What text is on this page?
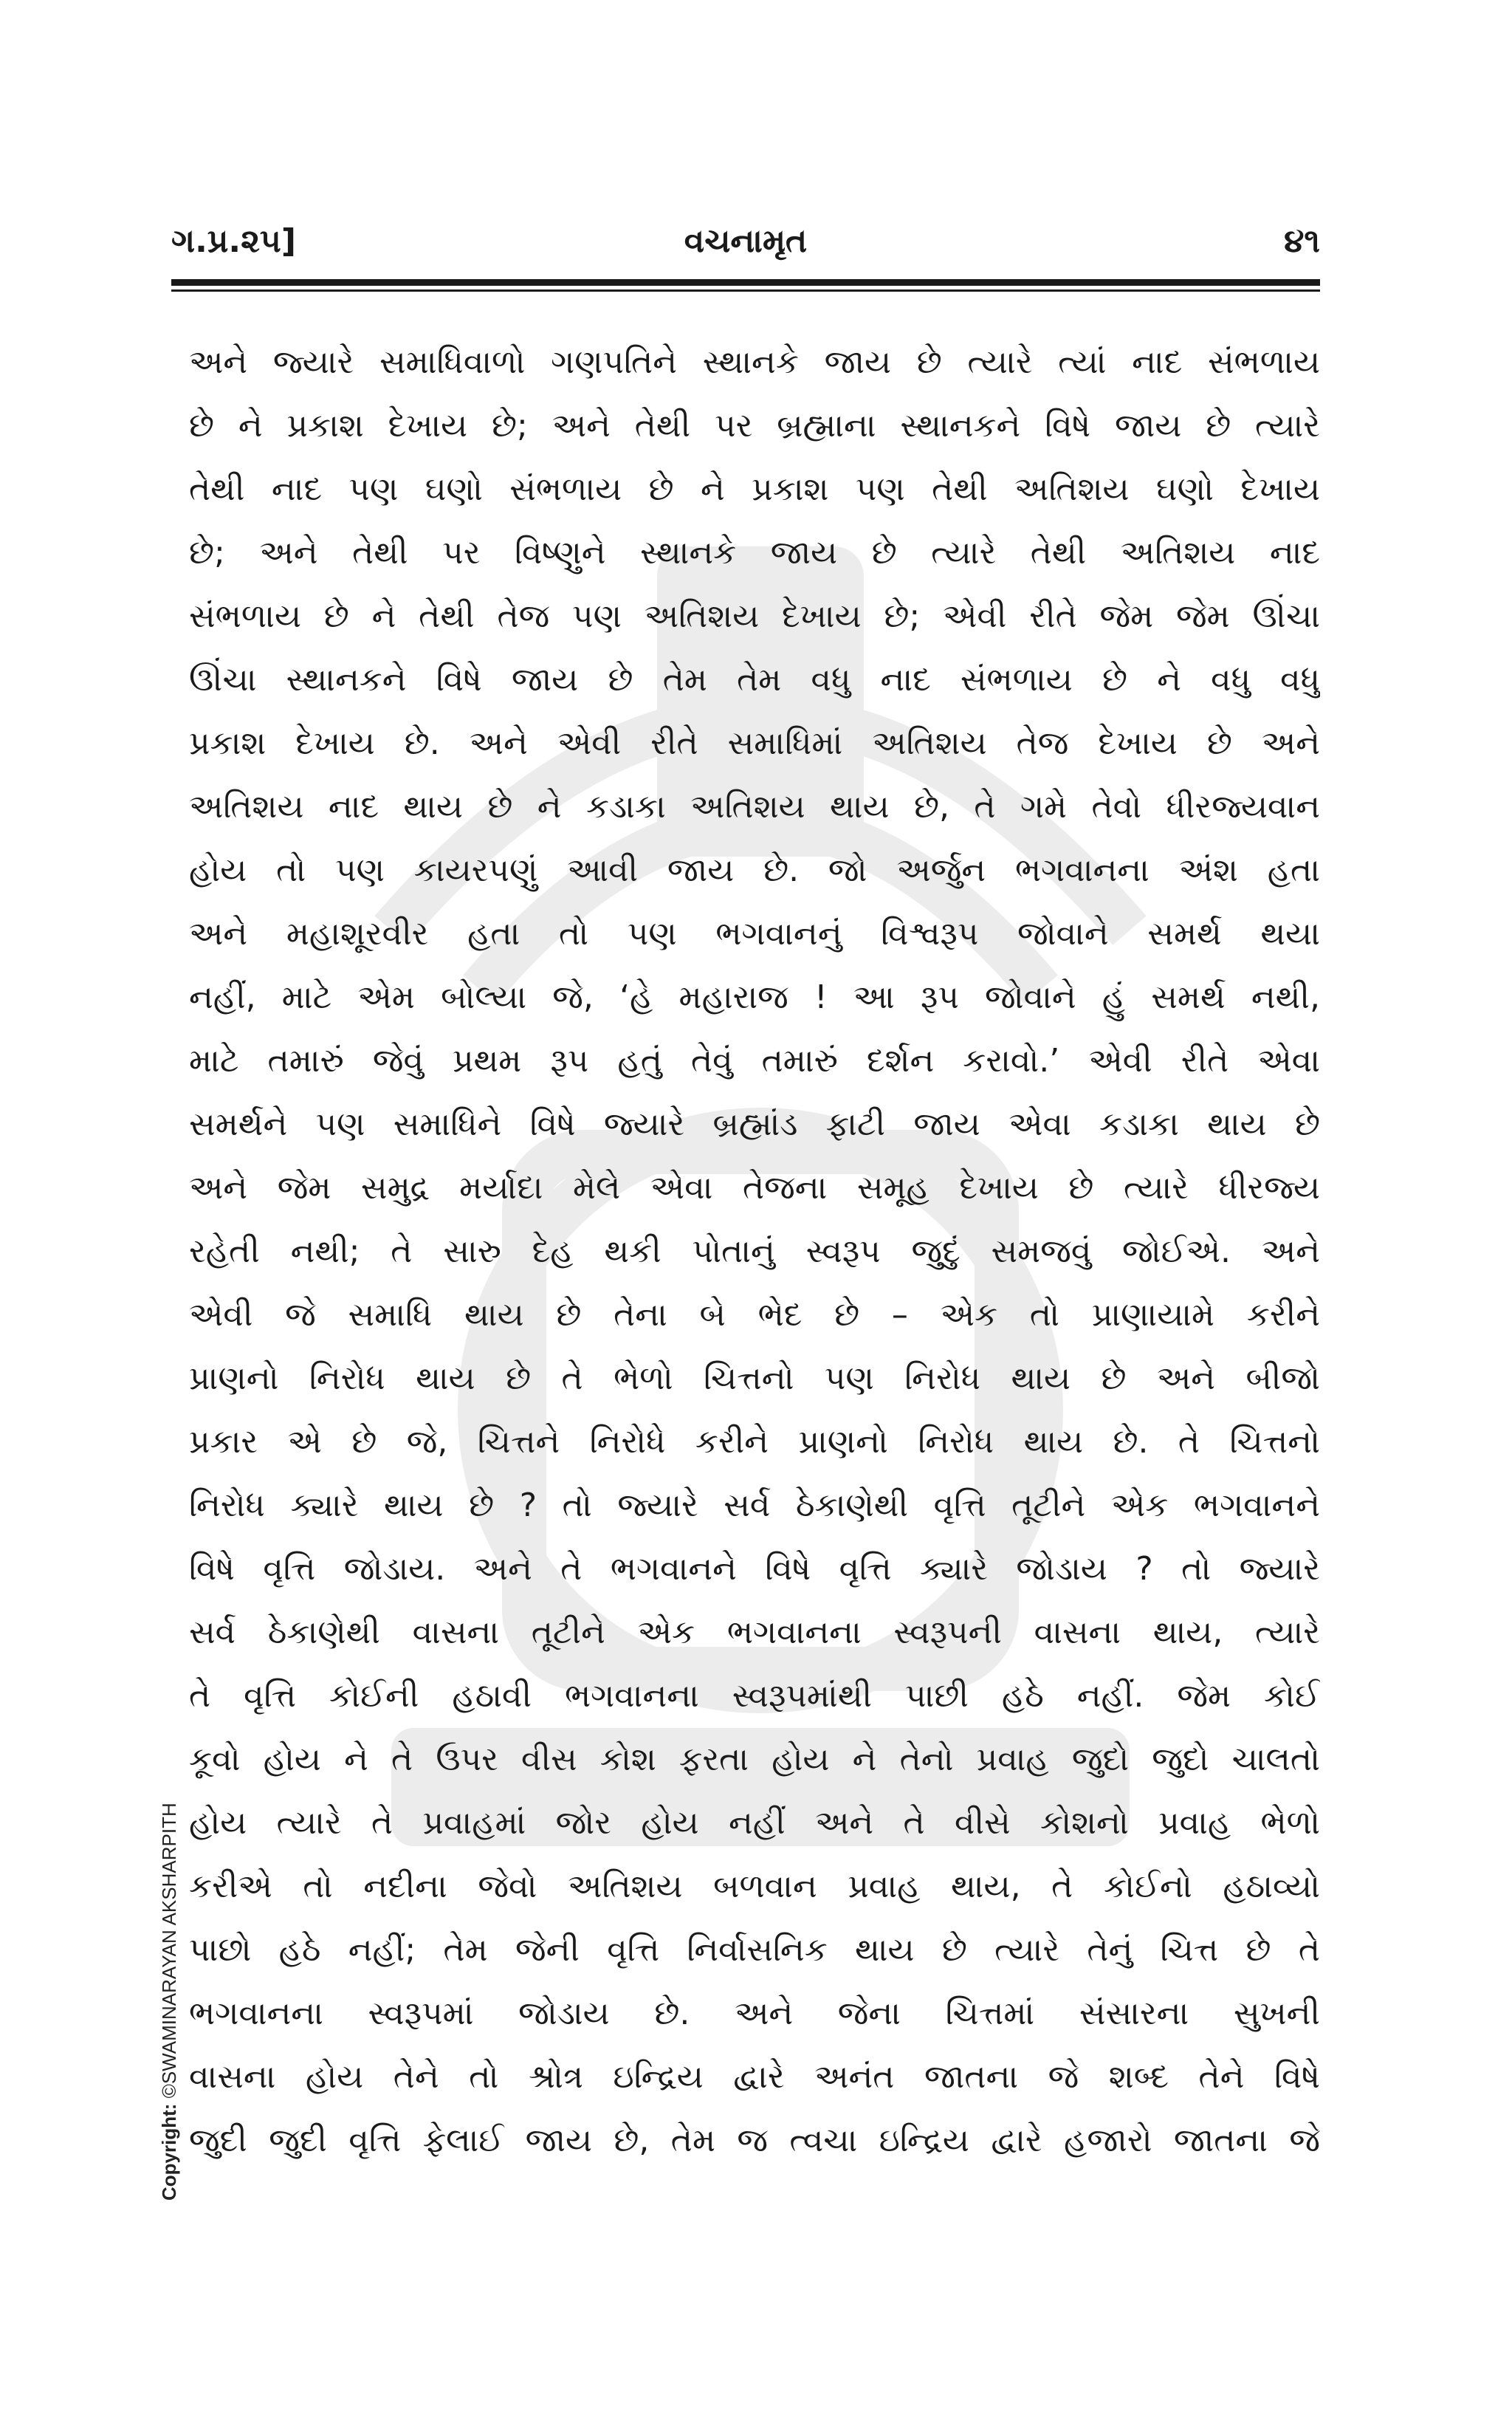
ગ.પ્ર.૨૫]	વચનામૃત	૪૧
અને જ્યારે સમાધિવાળો ગણપતિને સ્થાનકે જાય છે ત્યારે ત્યાં નાદ સંભળાય
છે ને પ્રકાશ દેખાય છે; અને તેથી પર બ્રહ્માના સ્થાનકને વિષે જાય છે ત્યારે
તેથી નાદ પણ ઘણો સંભળાય છે ને પ્રકાશ પણ તેથી અતિશય ઘણો દેખાય
છે; અને તેથી પર વિષ્ણુને સ્થાનકે જાય છે ત્યારે તેથી અતિશય નાદ
સંભળાય છે ને તેથી તેજ પણ અતિશય દેખાય છે; એવી રીતે જેમ જેમ ઊંચા
ઊંચા સ્થાનકને વિષે જાય છે તેમ તેમ વધુ નાદ સંભળાય છે ને વધુ વધુ
પ્રકાશ દેખાય છે. અને એવી રીતે સમાધિમાં અતિશય તેજ દેખાય છે અને
અતિશય નાદ થાય છે ને કડાકા અતિશય થાય છે, તે ગમે તેવો ધીરજ્યવાન
હોય તો પણ કાયરપણું આવી જાય છે. જો અર્જુન ભગવાનના અંશ હતા
અને મહાશૂરવીર હતા તો પણ ભગવાનનું વિશ્વરૂપ જોવાને સમર્થ થયા
નહીં, માટે એમ બોલ્યા જે, ‘હે મહારાજ ! આ રૂપ જોવાને હું સમર્થ નથી,
માટે તમારું જેવું પ્રથમ રૂપ હતું તેવું તમારું દર્શન કરાવો.’ એવી રીતે એવા
સમર્થને પણ સમાધિને વિષે જ્યારે બ્રહ્માંડ ફાટી જાય એવા કડાકા થાય છે
અને જેમ સમુદ્ર મર્યાદા મેલે એવા તેજના સમૂહ દેખાય છે ત્યારે ધીરજ્ય
રહેતી નથી; તે સારુ દેહ થકી પોતાનું સ્વરૂપ જુદું સમજવું જોઈએ. અને
એવી જે સમાધિ થાય છે તેના બે ભેદ છે – એક તો પ્રાણાયામે કરીને
પ્રાણનો નિરોધ થાય છે તે ભેળો ચિત્તનો પણ નિરોધ થાય છે અને બીજો
પ્રકાર એ છે જે, ચિત્તને નિરોધે કરીને પ્રાણનો નિરોધ થાય છે. તે ચિત્તનો
નિરોધ ક્યારે થાય છે ? તો જ્યારે સર્વ ઠેકાણેથી વૃત્તિ તૂટીને એક ભગવાનને
વિષે વૃત્તિ જોડાય. અને તે ભગવાનને વિષે વૃત્તિ ક્યારે જોડાય ? તો જ્યારે
સર્વ ઠેકાણેથી વાસના તૂટીને એક ભગવાનના સ્વરૂપની વાસના થાય, ત્યારે
તે વૃત્તિ કોઈની હઠાવી ભગવાનના સ્વરૂપમાંથી પાછી હઠે નહીં. જેમ કોઈ
કૂવો હોય ને તે ઉપર વીસ કોશ ફરતા હોય ને તેનો પ્રવાહ જુદો જુદો ચાલતો
હોય ત્યારે તે પ્રવાહમાં જોર હોય નહીં અને તે વીસે કોશનો પ્રવાહ ભેળો
કરીએ તો નદીના જેવો અતિશય બળવાન પ્રવાહ થાય, તે કોઈનો હઠાવ્યો
પાછો હઠે નહીં; તેમ જેની વૃત્તિ નિર્વાસનિક થાય છે ત્યારે તેનું ચિત્ત છે તે
ભગવાનના સ્વરૂપમાં જોડાય છે. અને જેના ચિત્તમાં સંસારના સુખની
વાસના હોય તેને તો શ્રોત્ર ઇન્દ્રિય દ્વારે અનંત જાતના જે શબ્દ તેને વિષે
જુદી જુદી વૃત્તિ ફેલાઈ જાય છે, તેમ જ ત્વચા ઇન્દ્રિય દ્વારે હજારો જાતના જે
Copyright: ©SWAMINARAYAN AKSHARPITH
